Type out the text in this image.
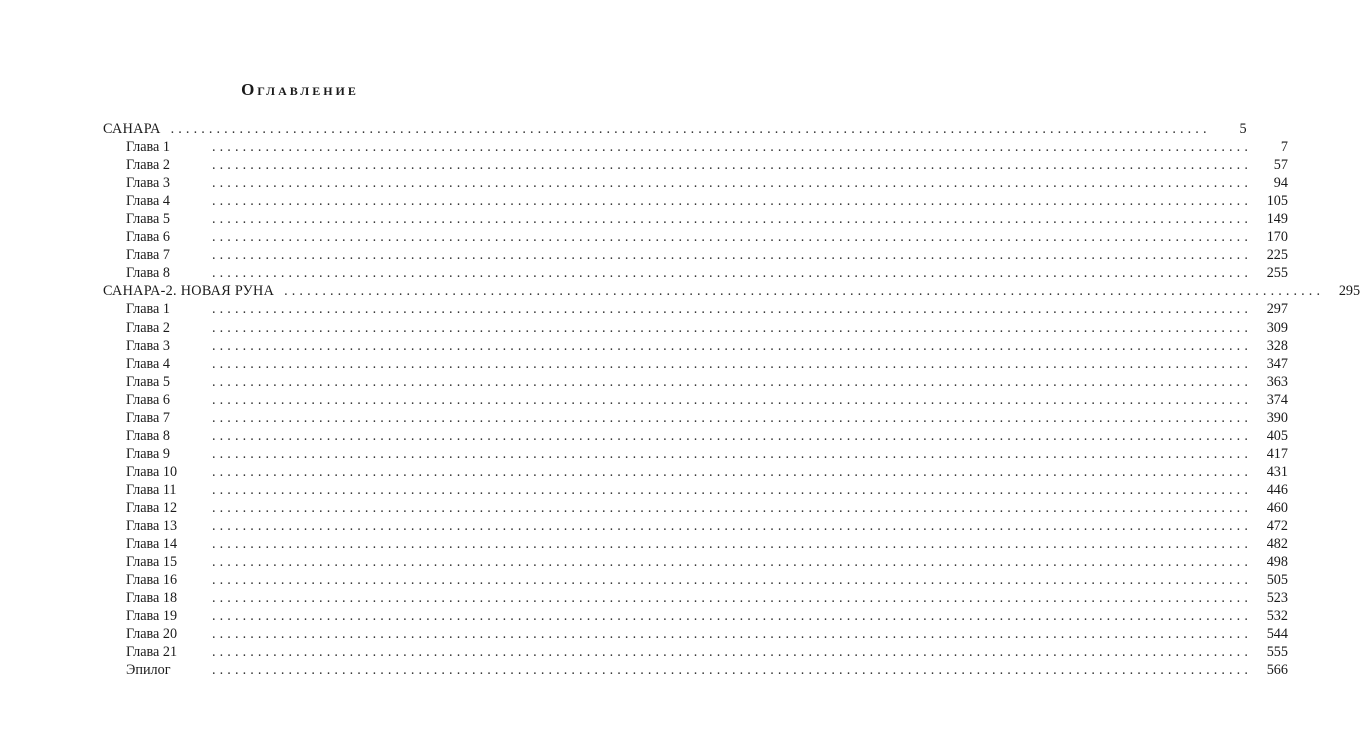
Оглавление
САНАРА ........................................................................................................................................	5
Глава 1	........................................................................................................................................	7
Глава 2	........................................................................................................................................	57
Глава 3	........................................................................................................................................	94
Глава 4	........................................................................................................................................	105
Глава 5	........................................................................................................................................	149
Глава 6	........................................................................................................................................	170
Глава 7	........................................................................................................................................	225
Глава 8	........................................................................................................................................	255
САНАРА-2. НОВАЯ РУНА ........................................................................................................................................	295
Глава 1	........................................................................................................................................	297
Глава 2	........................................................................................................................................	309
Глава 3	........................................................................................................................................	328
Глава 4	........................................................................................................................................	347
Глава 5	........................................................................................................................................	363
Глава 6	........................................................................................................................................	374
Глава 7	........................................................................................................................................	390
Глава 8	........................................................................................................................................	405
Глава 9	........................................................................................................................................	417
Глава 10	........................................................................................................................................	431
Глава 11	........................................................................................................................................	446
Глава 12	........................................................................................................................................	460
Глава 13	........................................................................................................................................	472
Глава 14	........................................................................................................................................	482
Глава 15	........................................................................................................................................	498
Глава 16	........................................................................................................................................	505
Глава 18	........................................................................................................................................	523
Глава 19	........................................................................................................................................	532
Глава 20	........................................................................................................................................	544
Глава 21	........................................................................................................................................	555
Эпилог	........................................................................................................................................	566
